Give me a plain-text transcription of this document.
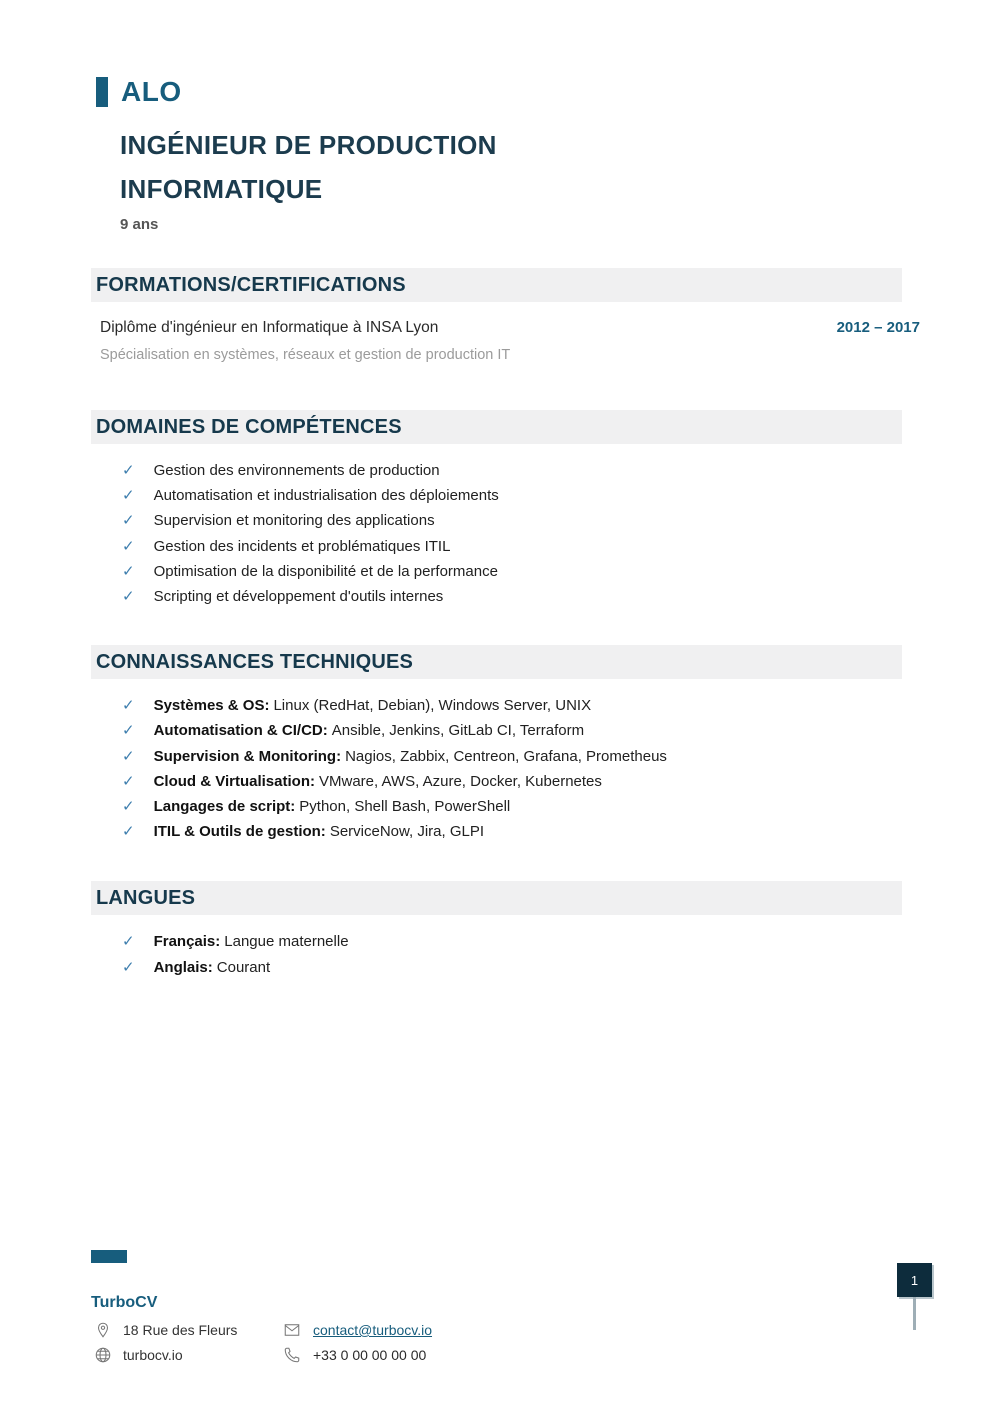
ALO
INGÉNIEUR DE PRODUCTION
INFORMATIQUE
9 ans
FORMATIONS/CERTIFICATIONS
Diplôme d'ingénieur en Informatique à INSA Lyon	2012 – 2017
Spécialisation en systèmes, réseaux et gestion de production IT
DOMAINES DE COMPÉTENCES
✓ Gestion des environnements de production
✓ Automatisation et industrialisation des déploiements
✓ Supervision et monitoring des applications
✓ Gestion des incidents et problématiques ITIL
✓ Optimisation de la disponibilité et de la performance
✓ Scripting et développement d'outils internes
CONNAISSANCES TECHNIQUES
✓ Systèmes & OS: Linux (RedHat, Debian), Windows Server, UNIX
✓ Automatisation & CI/CD: Ansible, Jenkins, GitLab CI, Terraform
✓ Supervision & Monitoring: Nagios, Zabbix, Centreon, Grafana, Prometheus
✓ Cloud & Virtualisation: VMware, AWS, Azure, Docker, Kubernetes
✓ Langages de script: Python, Shell Bash, PowerShell
✓ ITIL & Outils de gestion: ServiceNow, Jira, GLPI
LANGUES
✓ Français: Langue maternelle
✓ Anglais: Courant
TurboCV
18 Rue des Fleurs	contact@turbocv.io
turbocv.io	+33 0 00 00 00 00
1
